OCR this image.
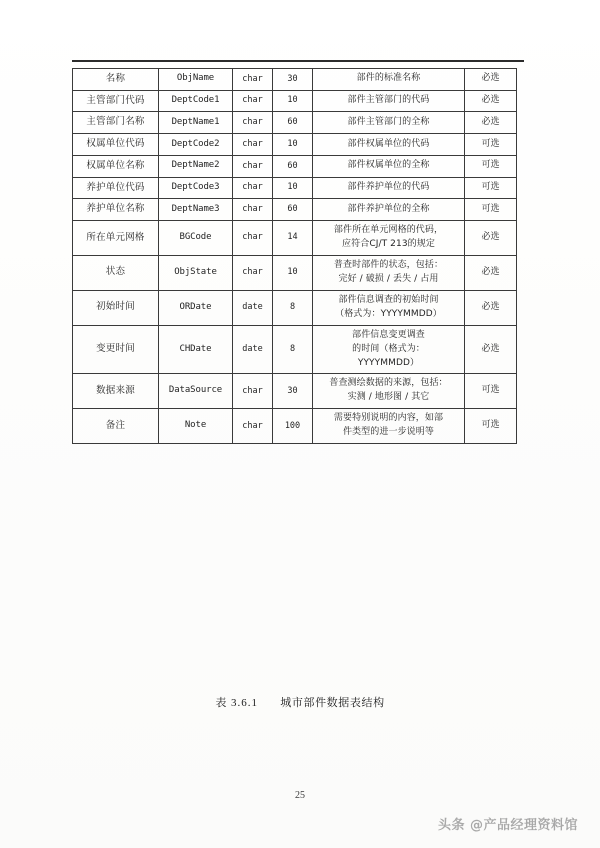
名称	ObjName	char	30	部件的标准名称	必选
主管部门代码	DeptCode1	char	10	部件主管部门的代码	必选
主管部门名称	DeptName1	char	60	部件主管部门的全称	必选
权属单位代码	DeptCode2	char	10	部件权属单位的代码	可选
权属单位名称	DeptName2	char	60	部件权属单位的全称	可选
养护单位代码	DeptCode3	char	10	部件养护单位的代码	可选
养护单位名称	DeptName3	char	60	部件养护单位的全称	可选
所在单元网格	BGCode	char	14	部件所在单元网格的代码，
应符合CJ/T 213的规定	必选
状态	ObjState	char	10	普查时部件的状态，包括：
完好 / 破损 / 丢失 / 占用	必选
初始时间	ORDate	date	8	部件信息调查的初始时间
（格式为：YYYYMMDD）	必选
变更时间	CHDate	date	8	部件信息变更调查
的时间（格式为：
YYYYMMDD）	必选
数据来源	DataSource	char	30	普查测绘数据的来源，包括：
实测 / 地形图 / 其它	可选
备注	Note	char	100	需要特别说明的内容，如部
件类型的进一步说明等	可选
表 3.6.1 城市部件数据表结构
25
头条 @产品经理资料馆
